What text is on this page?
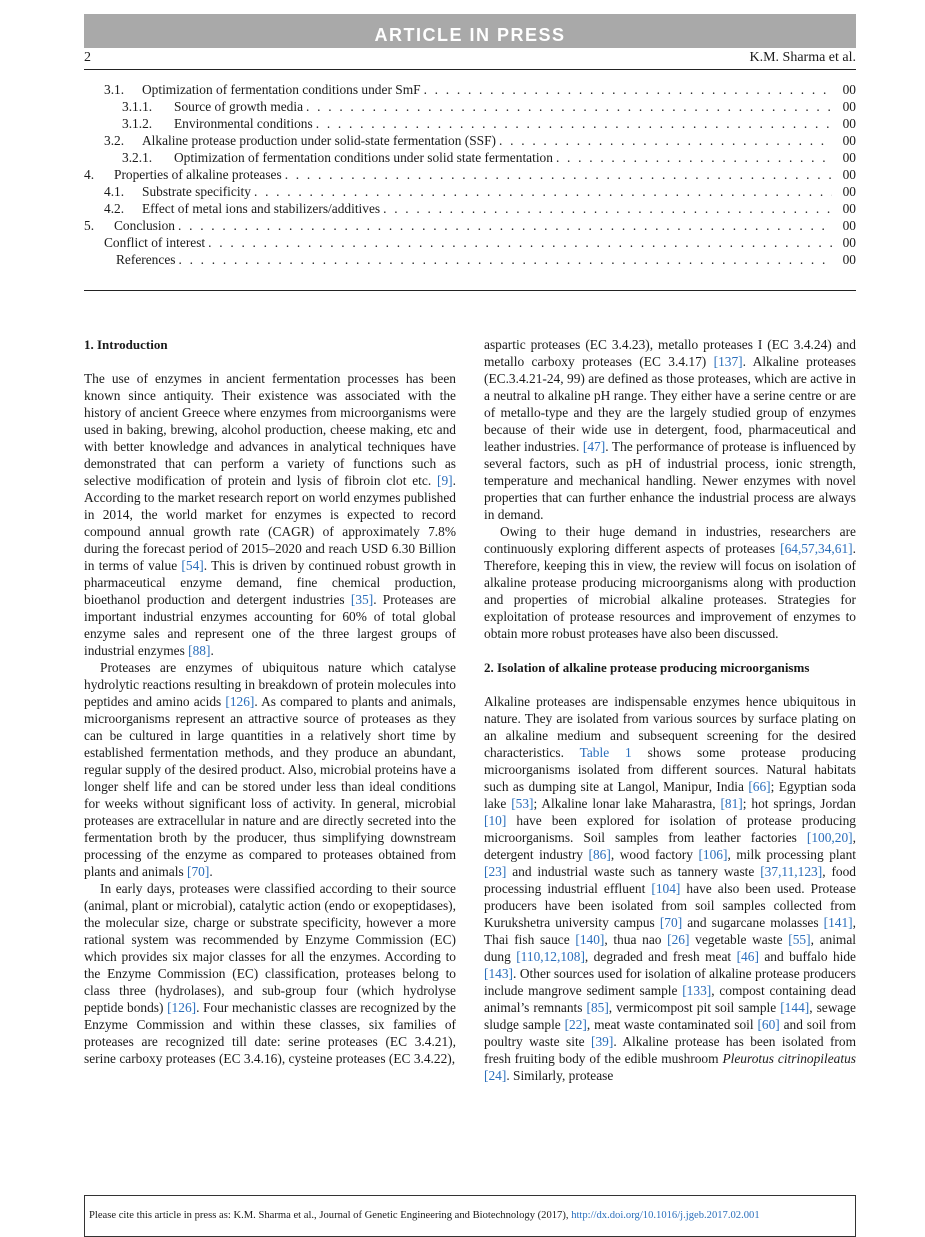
ARTICLE IN PRESS
2	K.M. Sharma et al.
3.1.	Optimization of fermentation conditions under SmF . . .	00
3.1.1.	Source of growth media . . .	00
3.1.2.	Environmental conditions . . .	00
3.2.	Alkaline protease production under solid-state fermentation (SSF) . . .	00
3.2.1.	Optimization of fermentation conditions under solid state fermentation . . .	00
4.	Properties of alkaline proteases . . .	00
4.1.	Substrate specificity . . .	00
4.2.	Effect of metal ions and stabilizers/additives . . .	00
5.	Conclusion . . .	00
Conflict of interest . . .	00
References . . .	00
1. Introduction

The use of enzymes in ancient fermentation processes has been known since antiquity. Their existence was associated with the history of ancient Greece where enzymes from microorganisms were used in baking, brewing, alcohol production, cheese making, etc and with better knowledge and advances in analytical techniques have demonstrated that can perform a variety of functions such as selective modification of protein and lysis of fibroin clot etc. [9]. According to the market research report on world enzymes published in 2014, the world market for enzymes is expected to record compound annual growth rate (CAGR) of approximately 7.8% during the forecast period of 2015–2020 and reach USD 6.30 Billion in terms of value [54]. This is driven by continued robust growth in pharmaceutical enzyme demand, fine chemical production, bioethanol production and detergent industries [35]. Proteases are important industrial enzymes accounting for 60% of total global enzyme sales and represent one of the three largest groups of industrial enzymes [88].

Proteases are enzymes of ubiquitous nature which catalyse hydrolytic reactions resulting in breakdown of protein molecules into peptides and amino acids [126]. As compared to plants and animals, microorganisms represent an attractive source of proteases as they can be cultured in large quantities in a relatively short time by established fermentation methods, and they produce an abundant, regular supply of the desired product. Also, microbial proteins have a longer shelf life and can be stored under less than ideal conditions for weeks without significant loss of activity. In general, microbial proteases are extracellular in nature and are directly secreted into the fermentation broth by the producer, thus simplifying downstream processing of the enzyme as compared to proteases obtained from plants and animals [70].

In early days, proteases were classified according to their source (animal, plant or microbial), catalytic action (endo or exopeptidases), the molecular size, charge or substrate specificity, however a more rational system was recommended by Enzyme Commission (EC) which provides six major classes for all the enzymes. According to the Enzyme Commission (EC) classification, proteases belong to class three (hydrolases), and sub-group four (which hydrolyse peptide bonds) [126]. Four mechanistic classes are recognized by the Enzyme Commission and within these classes, six families of proteases are recognized till date: serine proteases (EC 3.4.21), serine carboxy proteases (EC 3.4.16), cysteine proteases (EC 3.4.22),

aspartic proteases (EC 3.4.23), metallo proteases I (EC 3.4.24) and metallo carboxy proteases (EC 3.4.17) [137]. Alkaline proteases (EC.3.4.21-24, 99) are defined as those proteases, which are active in a neutral to alkaline pH range. They either have a serine centre or are of metallo-type and they are the largely studied group of enzymes because of their wide use in detergent, food, pharmaceutical and leather industries. [47]. The performance of protease is influenced by several factors, such as pH of industrial process, ionic strength, temperature and mechanical handling. Newer enzymes with novel properties that can further enhance the industrial process are always in demand.

Owing to their huge demand in industries, researchers are continuously exploring different aspects of proteases [64,57,34,61]. Therefore, keeping this in view, the review will focus on isolation of alkaline protease producing microorganisms along with production and properties of microbial alkaline proteases. Strategies for exploitation of protease resources and improvement of enzymes to obtain more robust proteases have also been discussed.

2. Isolation of alkaline protease producing microorganisms

Alkaline proteases are indispensable enzymes hence ubiquitous in nature. They are isolated from various sources by surface plating on an alkaline medium and subsequent screening for the desired characteristics. Table 1 shows some protease producing microorganisms isolated from different sources. Natural habitats such as dumping site at Langol, Manipur, India [66]; Egyptian soda lake [53]; Alkaline lonar lake Maharastra, [81]; hot springs, Jordan [10] have been explored for isolation of protease producing microorganisms. Soil samples from leather factories [100,20], detergent industry [86], wood factory [106], milk processing plant [23] and industrial waste such as tannery waste [37,11,123], food processing industrial effluent [104] have also been used. Protease producers have been isolated from soil samples collected from Kurukshetra university campus [70] and sugarcane molasses [141], Thai fish sauce [140], thua nao [26] vegetable waste [55], animal dung [110,12,108], degraded and fresh meat [46] and buffalo hide [143]. Other sources used for isolation of alkaline protease producers include mangrove sediment sample [133], compost containing dead animal’s remnants [85], vermicompost pit soil sample [144], sewage sludge sample [22], meat waste contaminated soil [60] and soil from poultry waste site [39]. Alkaline protease has been isolated from fresh fruiting body of the edible mushroom Pleurotus citrinopileatus [24]. Similarly, protease

Please cite this article in press as: K.M. Sharma et al., Journal of Genetic Engineering and Biotechnology (2017), http://dx.doi.org/10.1016/j.jgeb.2017.02.001
